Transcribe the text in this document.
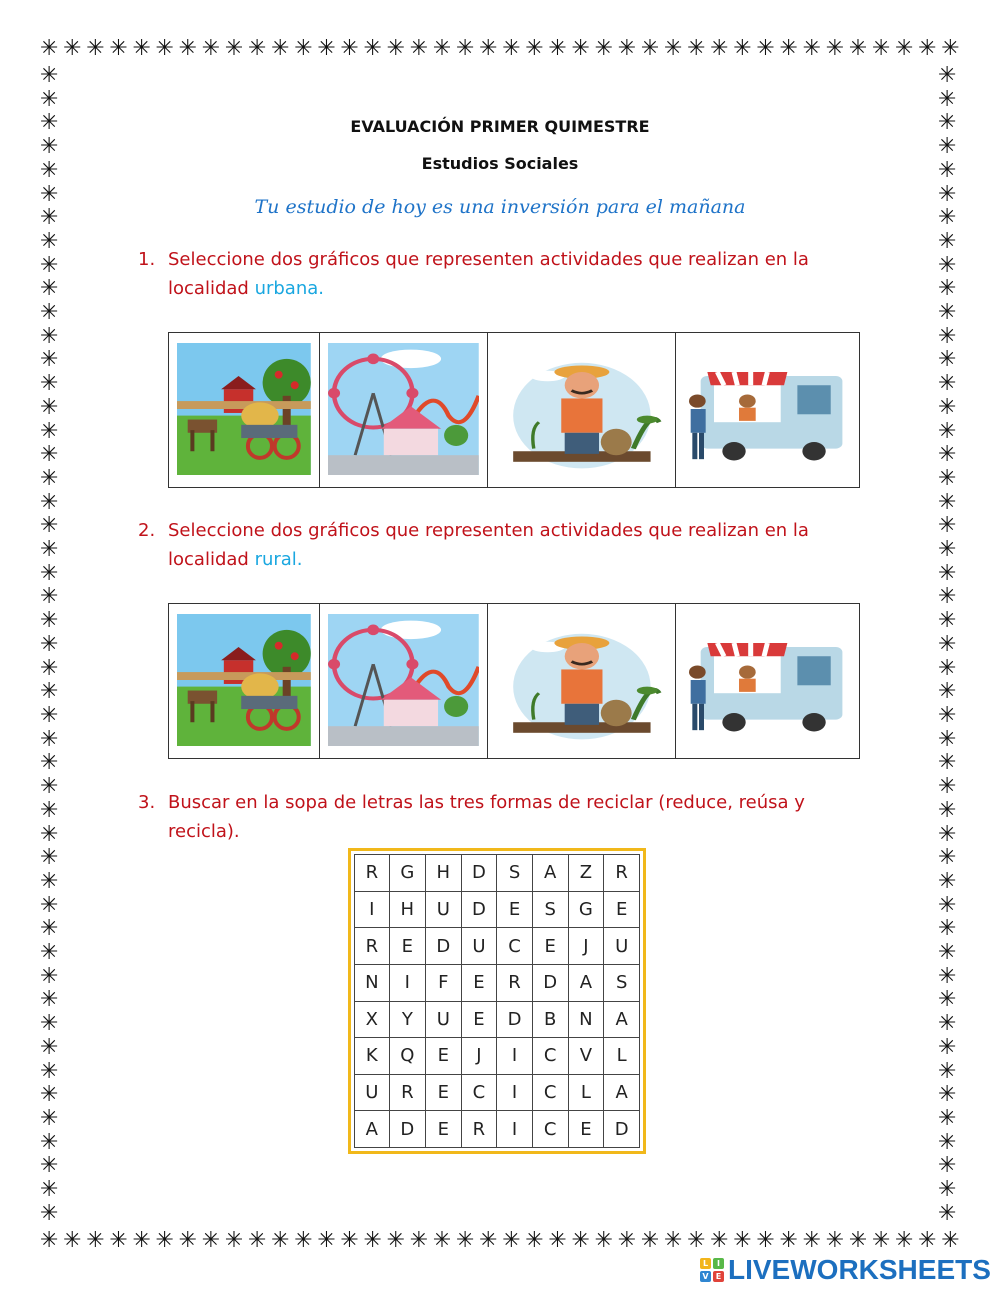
✳ ✳ ✳ ✳ ✳ ✳ ✳ ✳ ✳ ✳ ✳ ✳ ✳ ✳ ✳ ✳ ✳ ✳ ✳ ✳ ✳ ✳ ✳ ✳ ✳ ✳ ✳ ✳ ✳ ✳ ✳ ✳ ✳ ✳ ✳ ✳ ✳ ✳ ✳ ✳
✳ ✳ ✳ ✳ ✳ ✳ ✳ ✳ ✳ ✳ ✳ ✳ ✳ ✳ ✳ ✳ ✳ ✳ ✳ ✳ ✳ ✳ ✳ ✳ ✳ ✳ ✳ ✳ ✳ ✳ ✳ ✳ ✳ ✳ ✳ ✳ ✳ ✳ ✳ ✳
✳
✳
✳
✳
✳
✳
✳
✳
✳
✳
✳
✳
✳
✳
✳
✳
✳
✳
✳
✳
✳
✳
✳
✳
✳
✳
✳
✳
✳
✳
✳
✳
✳
✳
✳
✳
✳
✳
✳
✳
✳
✳
✳
✳
✳
✳
✳
✳
✳
✳
✳
✳
✳
✳
✳
✳
✳
✳
✳
✳
✳
✳
✳
✳
✳
✳
✳
✳
✳
✳
✳
✳
✳
✳
✳
✳
✳
✳
✳
✳
✳
✳
✳
✳
✳
✳
✳
✳
✳
✳
✳
✳
✳
✳
✳
✳
✳
✳
EVALUACIÓN PRIMER QUIMESTRE
Estudios Sociales
Tu estudio de hoy es una inversión para el mañana
1. Seleccione dos gráficos que representen actividades que realizan en la localidad urbana.
2. Seleccione dos gráficos que representen actividades que realizan en la localidad rural.
3. Buscar en la sopa de letras las tres formas de reciclar (reduce, reúsa y recicla).
R	G	H	D	S	A	Z	R
I	H	U	D	E	S	G	E
R	E	D	U	C	E	J	U
N	I	F	E	R	D	A	S
X	Y	U	E	D	B	N	A
K	Q	E	J	I	C	V	L
U	R	E	C	I	C	L	A
A	D	E	R	I	C	E	D
L	I
V E LIVEWORKSHEETS
